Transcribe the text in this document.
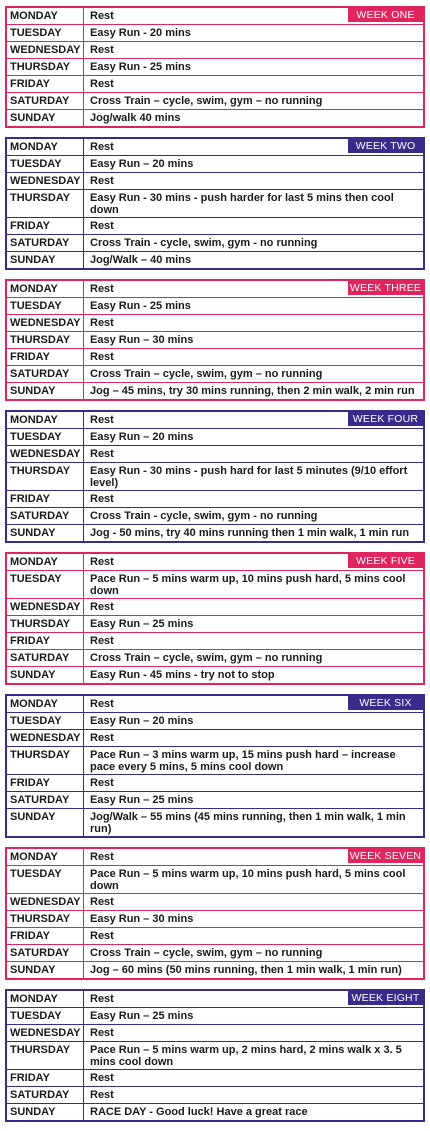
WEEK ONE
MONDAY	Rest
TUESDAY	Easy Run - 20 mins
WEDNESDAY Rest
THURSDAY	Easy Run - 25 mins
FRIDAY	Rest
SATURDAY	Cross Train – cycle, swim, gym – no running
SUNDAY	Jog/walk 40 mins
WEEK TWO
MONDAY	Rest
TUESDAY	Easy Run – 20 mins
WEDNESDAY Rest
THURSDAY	Easy Run - 30 mins - push harder for last 5 mins then cool down
FRIDAY	Rest
SATURDAY	Cross Train - cycle, swim, gym - no running
SUNDAY	Jog/Walk – 40 mins
WEEK THREE
MONDAY	Rest
TUESDAY	Easy Run - 25 mins
WEDNESDAY Rest
THURSDAY	Easy Run – 30 mins
FRIDAY	Rest
SATURDAY	Cross Train – cycle, swim, gym – no running
SUNDAY	Jog – 45 mins, try 30 mins running, then 2 min walk, 2 min run
WEEK FOUR
MONDAY	Rest
TUESDAY	Easy Run – 20 mins
WEDNESDAY Rest
THURSDAY	Easy Run - 30 mins - push hard for last 5 minutes (9/10 effort level)
FRIDAY	Rest
SATURDAY	Cross Train - cycle, swim, gym - no running
SUNDAY	Jog - 50 mins, try 40 mins running then 1 min walk, 1 min run
WEEK FIVE
MONDAY	Rest
TUESDAY	Pace Run – 5 mins warm up, 10 mins push hard, 5 mins cool down
WEDNESDAY Rest
THURSDAY	Easy Run – 25 mins
FRIDAY	Rest
SATURDAY	Cross Train – cycle, swim, gym – no running
SUNDAY	Easy Run - 45 mins - try not to stop
WEEK SIX
MONDAY	Rest
TUESDAY	Easy Run – 20 mins
WEDNESDAY Rest
THURSDAY	Pace Run – 3 mins warm up, 15 mins push hard – increase pace every 5 mins, 5 mins cool down
FRIDAY	Rest
SATURDAY	Easy Run – 25 mins
SUNDAY	Jog/Walk – 55 mins (45 mins running, then 1 min walk, 1 min run)
WEEK SEVEN
MONDAY	Rest
TUESDAY	Pace Run – 5 mins warm up, 10 mins push hard, 5 mins cool down
WEDNESDAY Rest
THURSDAY	Easy Run – 30 mins
FRIDAY	Rest
SATURDAY	Cross Train – cycle, swim, gym – no running
SUNDAY	Jog – 60 mins (50 mins running, then 1 min walk, 1 min run)
WEEK EIGHT
MONDAY	Rest
TUESDAY	Easy Run – 25 mins
WEDNESDAY Rest
THURSDAY	Pace Run – 5 mins warm up, 2 mins hard, 2 mins walk x 3. 5 mins cool down
FRIDAY	Rest
SATURDAY	Rest
SUNDAY	RACE DAY - Good luck! Have a great race
